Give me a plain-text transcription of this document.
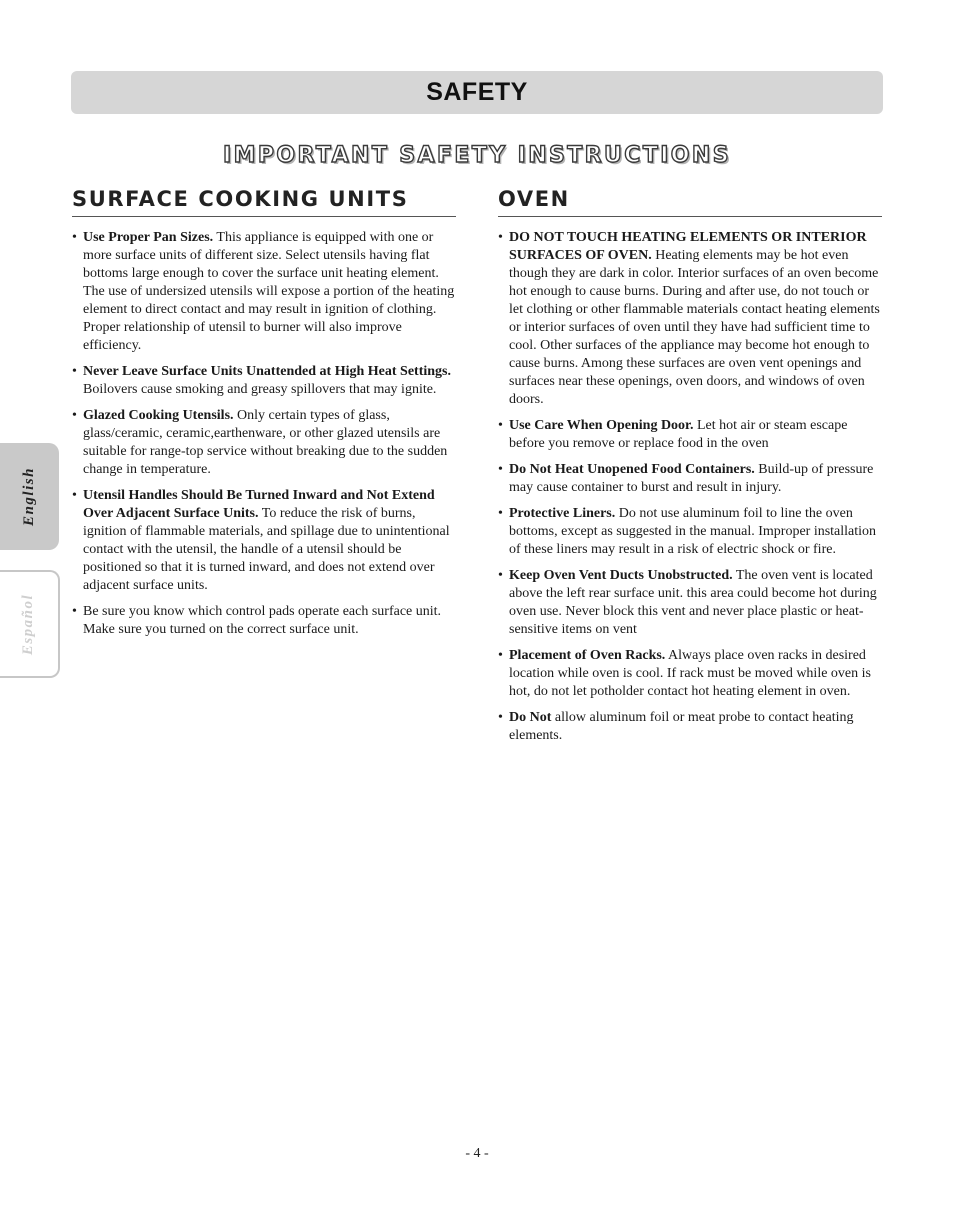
SAFETY
IMPORTANT SAFETY INSTRUCTIONS
English
Español
SURFACE COOKING UNITS
• Use Proper Pan Sizes. This appliance is equipped with one or more surface units of different size. Select utensils having flat bottoms large enough to cover the surface unit heating element.
The use of undersized utensils will expose a portion of the heating element to direct contact and may result in ignition of clothing. Proper relationship of utensil to burner will also improve efficiency.
• Never Leave Surface Units Unattended at High Heat Settings. Boilovers cause smoking and greasy spillovers that may ignite.
• Glazed Cooking Utensils. Only certain types of glass, glass/ceramic, ceramic,earthenware, or other glazed utensils are suitable for range-top service without breaking due to the sudden change in temperature.
• Utensil Handles Should Be Turned Inward and Not Extend Over Adjacent Surface Units. To reduce the risk of burns, ignition of flammable materials, and spillage due to unintentional contact with the utensil, the handle of a utensil should be positioned so that it is turned inward, and does not extend over adjacent surface units.
• Be sure you know which control pads operate each surface unit.
Make sure you turned on the correct surface unit.
OVEN
• DO NOT TOUCH HEATING ELEMENTS OR INTERIOR SURFACES OF OVEN. Heating elements may be hot even though they are dark in color. Interior surfaces of an oven become hot enough to cause burns. During and after use, do not touch or let clothing or other flammable materials contact heating elements or interior surfaces of oven until they have had sufficient time to cool. Other surfaces of the appliance may become hot enough to cause burns. Among these surfaces are oven vent openings and surfaces near these openings, oven doors, and windows of oven doors.
• Use Care When Opening Door. Let hot air or steam escape before you remove or replace food in the oven
• Do Not Heat Unopened Food Containers. Build-up of pressure may cause container to burst and result in injury.
• Protective Liners. Do not use aluminum foil to line the oven bottoms, except as suggested in the manual. Improper installation of these liners may result in a risk of electric shock or fire.
• Keep Oven Vent Ducts Unobstructed. The oven vent is located above the left rear surface unit. this area could become hot during oven use. Never block this vent and never place plastic or heat-sensitive items on vent
• Placement of Oven Racks. Always place oven racks in desired location while oven is cool. If rack must be moved while oven is hot, do not let potholder contact hot heating element in oven.
• Do Not allow aluminum foil or meat probe to contact heating elements.
- 4 -
